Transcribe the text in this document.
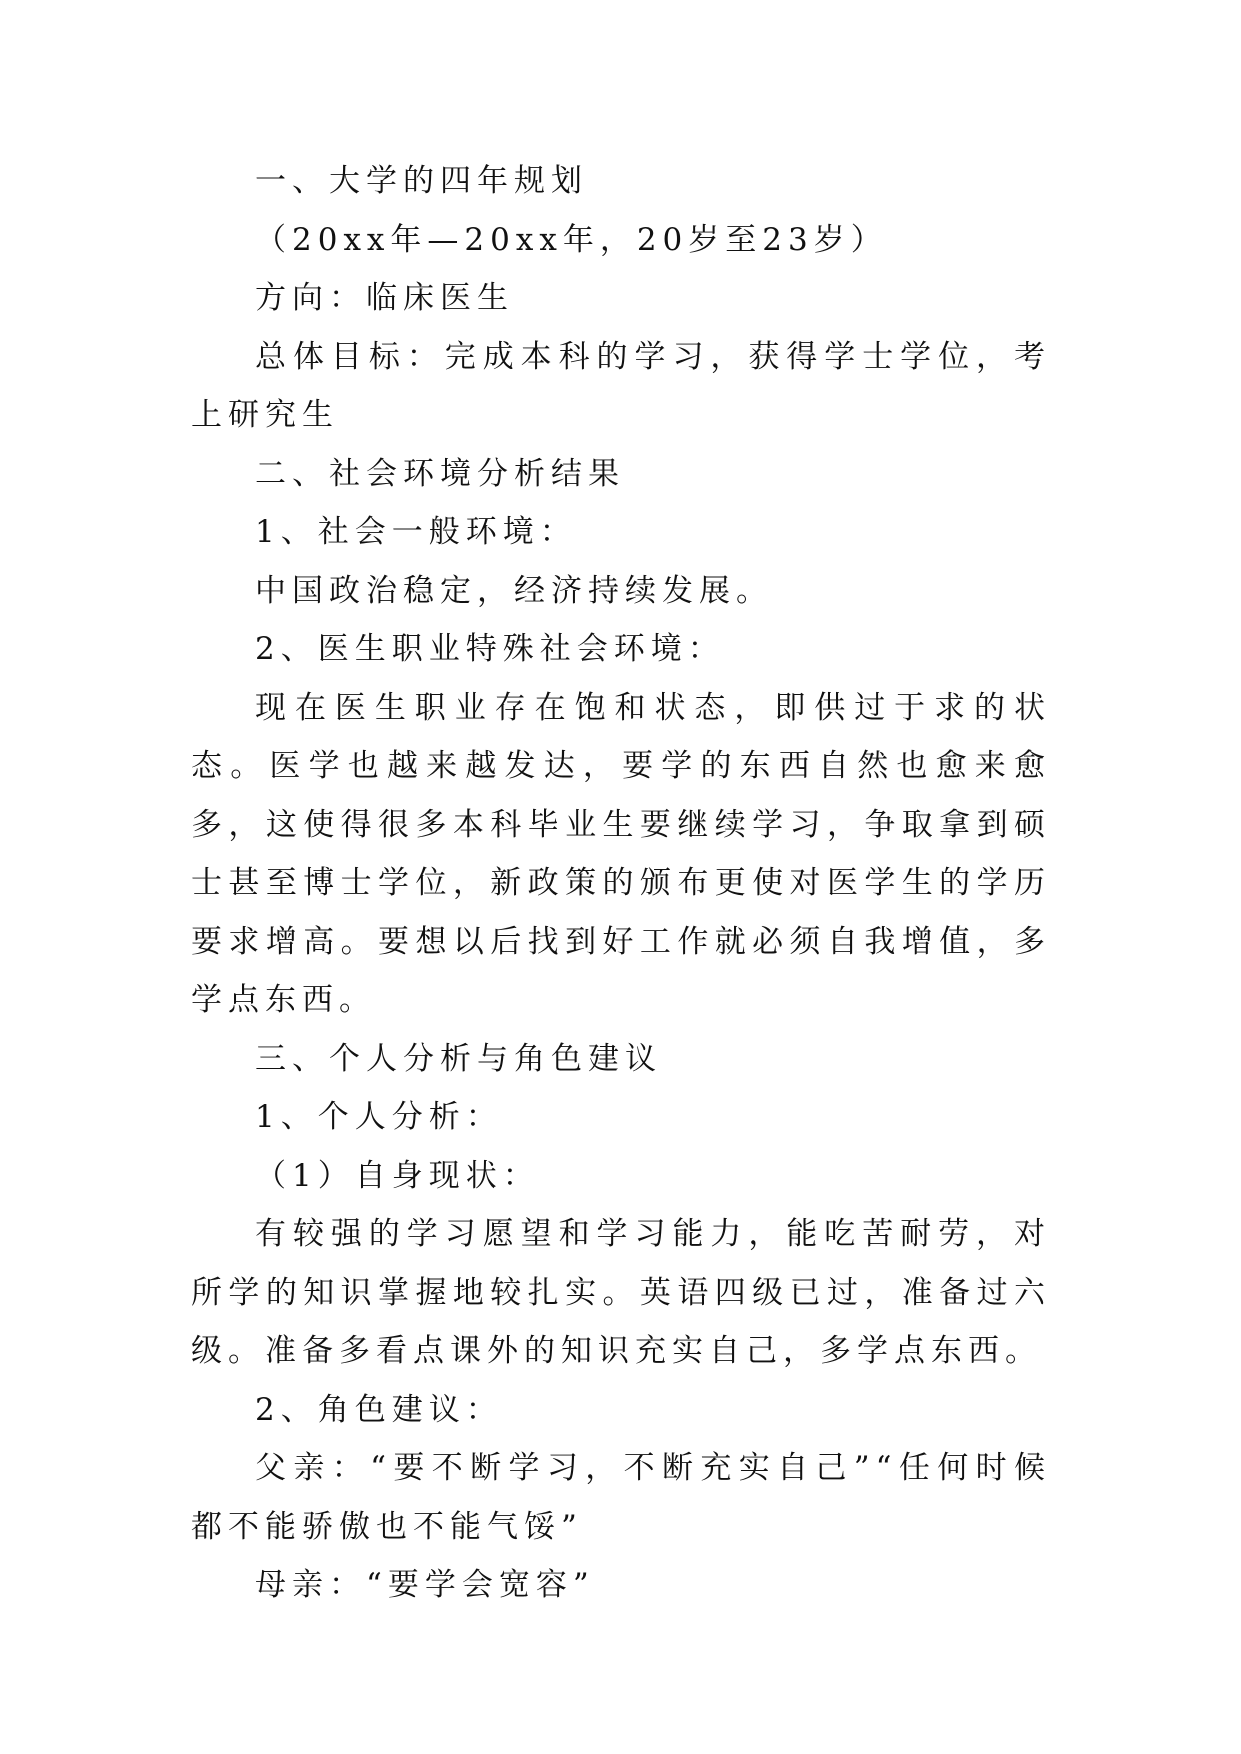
一、大学的四年规划

（20xx年—20xx年，20岁至23岁）

方向：临床医生

总体目标：完成本科的学习，获得学士学位，考上研究生

二、社会环境分析结果

1、社会一般环境：

中国政治稳定，经济持续发展。

2、医生职业特殊社会环境：

现在医生职业存在饱和状态，即供过于求的状态。医学也越来越发达，要学的东西自然也愈来愈多，这使得很多本科毕业生要继续学习，争取拿到硕士甚至博士学位，新政策的颁布更使对医学生的学历要求增高。要想以后找到好工作就必须自我增值，多学点东西。

三、个人分析与角色建议

1、个人分析：

（1）自身现状：

有较强的学习愿望和学习能力，能吃苦耐劳，对所学的知识掌握地较扎实。英语四级已过，准备过六级。准备多看点课外的知识充实自己，多学点东西。

2、角色建议：

父亲：“要不断学习，不断充实自己”“任何时候都不能骄傲也不能气馁”

母亲：“要学会宽容”
